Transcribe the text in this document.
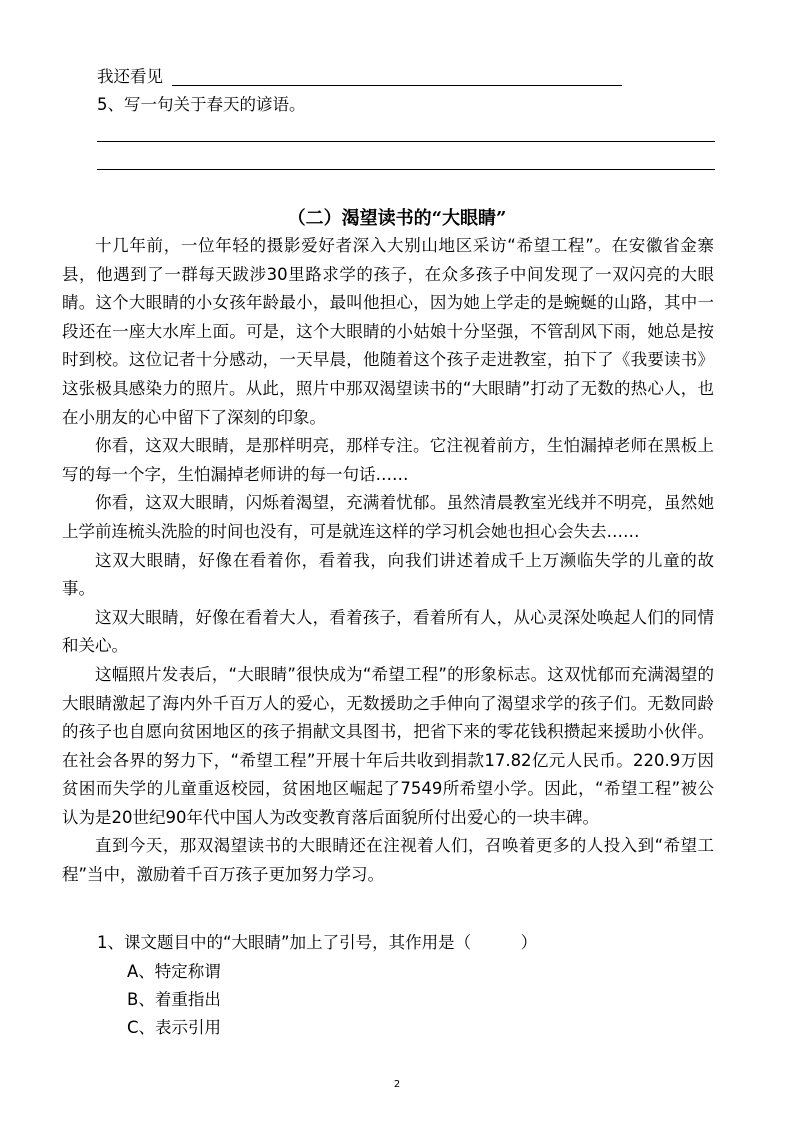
我还看见
5、写一句关于春天的谚语。
（二）渴望读书的“大眼睛”

十几年前，一位年轻的摄影爱好者深入大别山地区采访“希望工程”。在安徽省金寨县，他遇到了一群每天跋涉30里路求学的孩子，在众多孩子中间发现了一双闪亮的大眼睛。这个大眼睛的小女孩年龄最小，最叫他担心，因为她上学走的是蜿蜒的山路，其中一段还在一座大水库上面。可是，这个大眼睛的小姑娘十分坚强，不管刮风下雨，她总是按时到校。这位记者十分感动，一天早晨，他随着这个孩子走进教室，拍下了《我要读书》这张极具感染力的照片。从此，照片中那双渴望读书的“大眼睛”打动了无数的热心人，也在小朋友的心中留下了深刻的印象。

你看，这双大眼睛，是那样明亮，那样专注。它注视着前方，生怕漏掉老师在黑板上写的每一个字，生怕漏掉老师讲的每一句话……

你看，这双大眼睛，闪烁着渴望，充满着忧郁。虽然清晨教室光线并不明亮，虽然她上学前连梳头洗脸的时间也没有，可是就连这样的学习机会她也担心会失去……

这双大眼睛，好像在看着你，看着我，向我们讲述着成千上万濒临失学的儿童的故事。

这双大眼睛，好像在看着大人，看着孩子，看着所有人，从心灵深处唤起人们的同情和关心。

这幅照片发表后，“大眼睛”很快成为“希望工程”的形象标志。这双忧郁而充满渴望的大眼睛激起了海内外千百万人的爱心，无数援助之手伸向了渴望求学的孩子们。无数同龄的孩子也自愿向贫困地区的孩子捐献文具图书，把省下来的零花钱积攒起来援助小伙伴。在社会各界的努力下，“希望工程”开展十年后共收到捐款17.82亿元人民币。220.9万因贫困而失学的儿童重返校园，贫困地区崛起了7549所希望小学。因此，“希望工程”被公认为是20世纪90年代中国人为改变教育落后面貌所付出爱心的一块丰碑。

直到今天，那双渴望读书的大眼睛还在注视着人们，召唤着更多的人投入到“希望工程”当中，激励着千百万孩子更加努力学习。

1、课文题目中的“大眼睛”加上了引号，其作用是（　　　）
A、特定称谓
B、着重指出
C、表示引用
2
